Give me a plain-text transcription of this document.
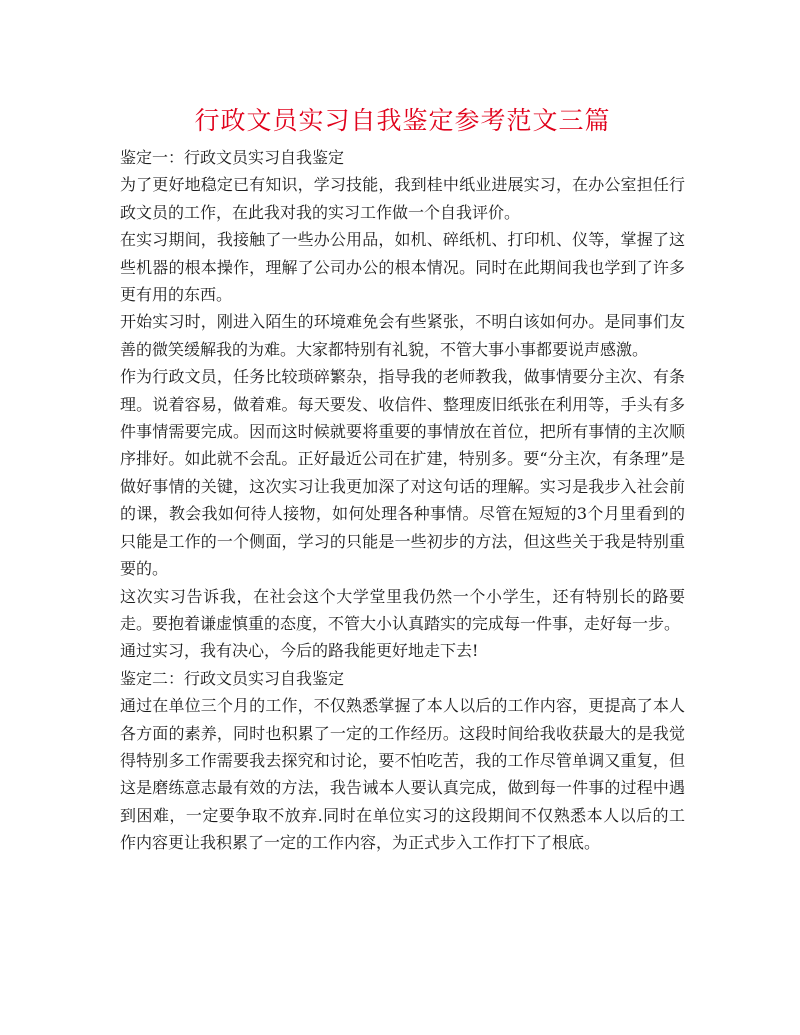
行政文员实习自我鉴定参考范文三篇

鉴定一：行政文员实习自我鉴定

为了更好地稳定已有知识，学习技能，我到桂中纸业进展实习，在办公室担任行政文员的工作，在此我对我的实习工作做一个自我评价。

在实习期间，我接触了一些办公用品，如机、碎纸机、打印机、仪等，掌握了这些机器的根本操作，理解了公司办公的根本情况。同时在此期间我也学到了许多更有用的东西。

开始实习时，刚进入陌生的环境难免会有些紧张，不明白该如何办。是同事们友善的微笑缓解我的为难。大家都特别有礼貌，不管大事小事都要说声感激。

作为行政文员，任务比较琐碎繁杂，指导我的老师教我，做事情要分主次、有条理。说着容易，做着难。每天要发、收信件、整理废旧纸张在利用等，手头有多件事情需要完成。因而这时候就要将重要的事情放在首位，把所有事情的主次顺序排好。如此就不会乱。正好最近公司在扩建，特别多。要“分主次，有条理”是做好事情的关键，这次实习让我更加深了对这句话的理解。实习是我步入社会前的课，教会我如何待人接物，如何处理各种事情。尽管在短短的3个月里看到的只能是工作的一个侧面，学习的只能是一些初步的方法，但这些关于我是特别重要的。

这次实习告诉我，在社会这个大学堂里我仍然一个小学生，还有特别长的路要走。要抱着谦虚慎重的态度，不管大小认真踏实的完成每一件事，走好每一步。

通过实习，我有决心，今后的路我能更好地走下去!

鉴定二：行政文员实习自我鉴定

通过在单位三个月的工作，不仅熟悉掌握了本人以后的工作内容，更提高了本人各方面的素养，同时也积累了一定的工作经历。这段时间给我收获最大的是我觉得特别多工作需要我去探究和讨论，要不怕吃苦，我的工作尽管单调又重复，但这是磨练意志最有效的方法，我告诫本人要认真完成，做到每一件事的过程中遇到困难，一定要争取不放弃.同时在单位实习的这段期间不仅熟悉本人以后的工作内容更让我积累了一定的工作内容，为正式步入工作打下了根底。
